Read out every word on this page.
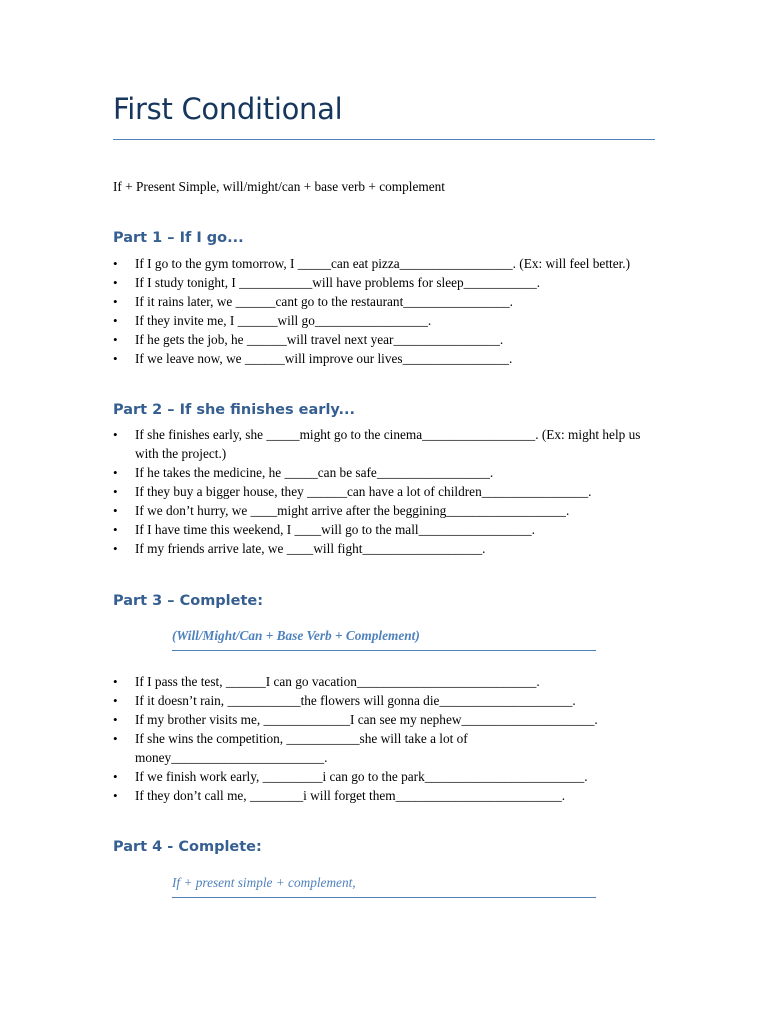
First Conditional
If + Present Simple, will/might/can + base verb + complement
Part 1 – If I go...
• If I go to the gym tomorrow, I _____can eat pizza_________________. (Ex: will feel better.)
• If I study tonight, I ___________will have problems for sleep___________.
• If it rains later, we ______cant go to the restaurant________________.
• If they invite me, I ______will go_________________.
• If he gets the job, he ______will travel next year________________.
• If we leave now, we ______will improve our lives________________.
Part 2 – If she finishes early...
• If she finishes early, she _____might go to the cinema_________________. (Ex: might help us with the project.)
• If he takes the medicine, he _____can be safe_________________.
• If they buy a bigger house, they ______can have a lot of children________________.
• If we don’t hurry, we ____might arrive after the beggining__________________.
• If I have time this weekend, I ____will go to the mall_________________.
• If my friends arrive late, we ____will fight__________________.
Part 3 – Complete:
(Will/Might/Can + Base Verb + Complement)
• If I pass the test, ______I can go vacation___________________________.
• If it doesn’t rain, ___________the flowers will gonna die____________________.
• If my brother visits me, _____________I can see my nephew____________________.
• If she wins the competition, ___________she will take a lot of money_______________________.
• If we finish work early, _________i can go to the park________________________.
• If they don’t call me, ________i will forget them_________________________.
Part 4 - Complete:
If + present simple + complement,
